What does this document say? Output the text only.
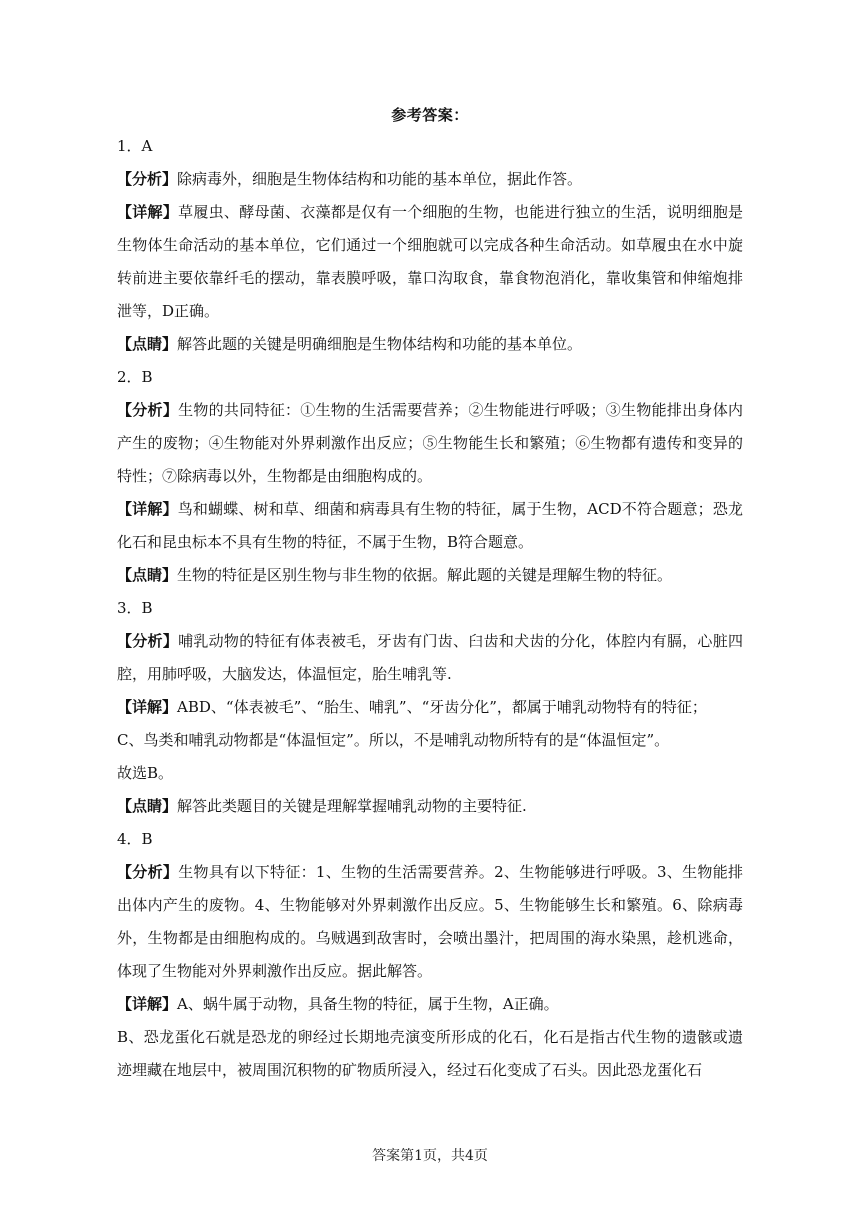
参考答案：

1．A

【分析】除病毒外，细胞是生物体结构和功能的基本单位，据此作答。

【详解】草履虫、酵母菌、衣藻都是仅有一个细胞的生物，也能进行独立的生活，说明细胞是生物体生命活动的基本单位，它们通过一个细胞就可以完成各种生命活动。如草履虫在水中旋转前进主要依靠纤毛的摆动，靠表膜呼吸，靠口沟取食，靠食物泡消化，靠收集管和伸缩炮排泄等，D正确。

【点睛】解答此题的关键是明确细胞是生物体结构和功能的基本单位。

2．B

【分析】生物的共同特征：①生物的生活需要营养；②生物能进行呼吸；③生物能排出身体内产生的废物；④生物能对外界刺激作出反应；⑤生物能生长和繁殖；⑥生物都有遗传和变异的特性；⑦除病毒以外，生物都是由细胞构成的。

【详解】鸟和蝴蝶、树和草、细菌和病毒具有生物的特征，属于生物，ACD不符合题意；恐龙化石和昆虫标本不具有生物的特征，不属于生物，B符合题意。

【点睛】生物的特征是区别生物与非生物的依据。解此题的关键是理解生物的特征。

3．B

【分析】哺乳动物的特征有体表被毛，牙齿有门齿、臼齿和犬齿的分化，体腔内有膈，心脏四腔，用肺呼吸，大脑发达，体温恒定，胎生哺乳等.

【详解】ABD、“体表被毛”、“胎生、哺乳”、“牙齿分化”，都属于哺乳动物特有的特征；

C、鸟类和哺乳动物都是“体温恒定”。所以，不是哺乳动物所特有的是“体温恒定”。

故选B。

【点睛】解答此类题目的关键是理解掌握哺乳动物的主要特征.

4．B

【分析】生物具有以下特征：1、生物的生活需要营养。2、生物能够进行呼吸。3、生物能排出体内产生的废物。4、生物能够对外界刺激作出反应。5、生物能够生长和繁殖。6、除病毒外，生物都是由细胞构成的。乌贼遇到敌害时，会喷出墨汁，把周围的海水染黑，趁机逃命，体现了生物能对外界刺激作出反应。据此解答。

【详解】A、蜗牛属于动物，具备生物的特征，属于生物，A正确。

B、恐龙蛋化石就是恐龙的卵经过长期地壳演变所形成的化石，化石是指古代生物的遗骸或遗迹埋藏在地层中，被周围沉积物的矿物质所浸入，经过石化变成了石头。因此恐龙蛋化石

答案第1页，共4页
